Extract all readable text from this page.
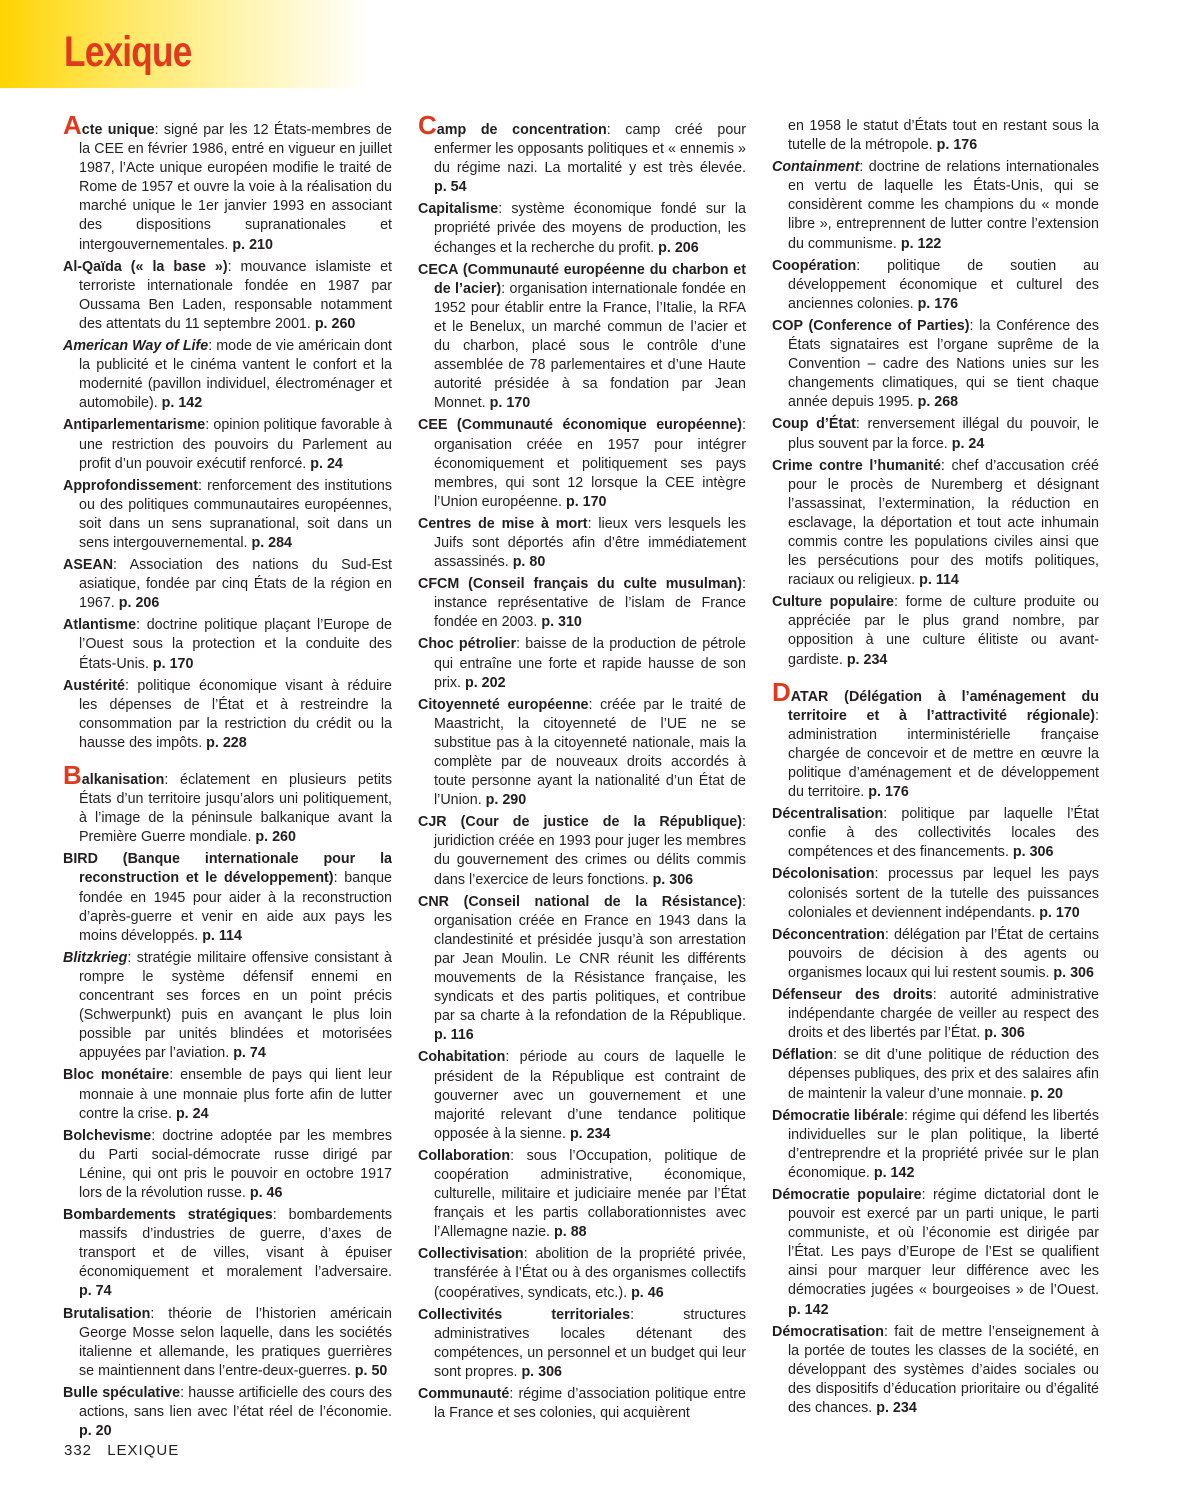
Lexique

Acte unique: signé par les 12 États-membres de la CEE en février 1986, entré en vigueur en juillet 1987, l’Acte unique européen modifie le traité de Rome de 1957 et ouvre la voie à la réalisation du marché unique le 1er janvier 1993 en associant des dispositions supranationales et intergouvernementales. p. 210

Al-Qaïda (« la base »): mouvance islamiste et terroriste internationale fondée en 1987 par Oussama Ben Laden, responsable notamment des attentats du 11 septembre 2001. p. 260

American Way of Life: mode de vie américain dont la publicité et le cinéma vantent le confort et la modernité (pavillon individuel, électroménager et automobile). p. 142

Antiparlementarisme: opinion politique favorable à une restriction des pouvoirs du Parlement au profit d’un pouvoir exécutif renforcé. p. 24

Approfondissement: renforcement des institutions ou des politiques communautaires européennes, soit dans un sens supranational, soit dans un sens intergouvernemental. p. 284

ASEAN: Association des nations du Sud-Est asiatique, fondée par cinq États de la région en 1967. p. 206

Atlantisme: doctrine politique plaçant l’Europe de l’Ouest sous la protection et la conduite des États-Unis. p. 170

Austérité: politique économique visant à réduire les dépenses de l’État et à restreindre la consommation par la restriction du crédit ou la hausse des impôts. p. 228

Balkanisation: éclatement en plusieurs petits États d’un territoire jusqu’alors uni politiquement, à l’image de la péninsule balkanique avant la Première Guerre mondiale. p. 260

BIRD (Banque internationale pour la reconstruction et le développement): banque fondée en 1945 pour aider à la reconstruction d’après-guerre et venir en aide aux pays les moins développés. p. 114

Blitzkrieg: stratégie militaire offensive consistant à rompre le système défensif ennemi en concentrant ses forces en un point précis (Schwerpunkt) puis en avançant le plus loin possible par unités blindées et motorisées appuyées par l’aviation. p. 74

Bloc monétaire: ensemble de pays qui lient leur monnaie à une monnaie plus forte afin de lutter contre la crise. p. 24

Bolchevisme: doctrine adoptée par les membres du Parti social-démocrate russe dirigé par Lénine, qui ont pris le pouvoir en octobre 1917 lors de la révolution russe. p. 46

Bombardements stratégiques: bombardements massifs d’industries de guerre, d’axes de transport et de villes, visant à épuiser économiquement et moralement l’adversaire. p. 74

Brutalisation: théorie de l’historien américain George Mosse selon laquelle, dans les sociétés italienne et allemande, les pratiques guerrières se maintiennent dans l’entre-deux-guerres. p. 50

Bulle spéculative: hausse artificielle des cours des actions, sans lien avec l’état réel de l’économie. p. 20

Camp de concentration: camp créé pour enfermer les opposants politiques et « ennemis » du régime nazi. La mortalité y est très élevée. p. 54

Capitalisme: système économique fondé sur la propriété privée des moyens de production, les échanges et la recherche du profit. p. 206

CECA (Communauté européenne du charbon et de l’acier): organisation internationale fondée en 1952 pour établir entre la France, l’Italie, la RFA et le Benelux, un marché commun de l’acier et du charbon, placé sous le contrôle d’une assemblée de 78 parlementaires et d’une Haute autorité présidée à sa fondation par Jean Monnet. p. 170

CEE (Communauté économique européenne): organisation créée en 1957 pour intégrer économiquement et politiquement ses pays membres, qui sont 12 lorsque la CEE intègre l’Union européenne. p. 170

Centres de mise à mort: lieux vers lesquels les Juifs sont déportés afin d’être immédiatement assassinés. p. 80

CFCM (Conseil français du culte musulman): instance représentative de l’islam de France fondée en 2003. p. 310

Choc pétrolier: baisse de la production de pétrole qui entraîne une forte et rapide hausse de son prix. p. 202

Citoyenneté européenne: créée par le traité de Maastricht, la citoyenneté de l’UE ne se substitue pas à la citoyenneté nationale, mais la complète par de nouveaux droits accordés à toute personne ayant la nationalité d’un État de l’Union. p. 290

CJR (Cour de justice de la République): juridiction créée en 1993 pour juger les membres du gouvernement des crimes ou délits commis dans l’exercice de leurs fonctions. p. 306

CNR (Conseil national de la Résistance): organisation créée en France en 1943 dans la clandestinité et présidée jusqu’à son arrestation par Jean Moulin. Le CNR réunit les différents mouvements de la Résistance française, les syndicats et des partis politiques, et contribue par sa charte à la refondation de la République. p. 116

Cohabitation: période au cours de laquelle le président de la République est contraint de gouverner avec un gouvernement et une majorité relevant d’une tendance politique opposée à la sienne. p. 234

Collaboration: sous l’Occupation, politique de coopération administrative, économique, culturelle, militaire et judiciaire menée par l’État français et les partis collaborationnistes avec l’Allemagne nazie. p. 88

Collectivisation: abolition de la propriété privée, transférée à l’État ou à des organismes collectifs (coopératives, syndicats, etc.). p. 46

Collectivités territoriales: structures administratives locales détenant des compétences, un personnel et un budget qui leur sont propres. p. 306

Communauté: régime d’association politique entre la France et ses colonies, qui acquièrent

en 1958 le statut d’États tout en restant sous la tutelle de la métropole. p. 176

Containment: doctrine de relations internationales en vertu de laquelle les États-Unis, qui se considèrent comme les champions du « monde libre », entreprennent de lutter contre l’extension du communisme. p. 122

Coopération: politique de soutien au développement économique et culturel des anciennes colonies. p. 176

COP (Conference of Parties): la Conférence des États signataires est l’organe suprême de la Convention – cadre des Nations unies sur les changements climatiques, qui se tient chaque année depuis 1995. p. 268

Coup d’État: renversement illégal du pouvoir, le plus souvent par la force. p. 24

Crime contre l’humanité: chef d’accusation créé pour le procès de Nuremberg et désignant l’assassinat, l’extermination, la réduction en esclavage, la déportation et tout acte inhumain commis contre les populations civiles ainsi que les persécutions pour des motifs politiques, raciaux ou religieux. p. 114

Culture populaire: forme de culture produite ou appréciée par le plus grand nombre, par opposition à une culture élitiste ou avant-gardiste. p. 234

DATAR (Délégation à l’aménagement du territoire et à l’attractivité régionale): administration interministérielle française chargée de concevoir et de mettre en œuvre la politique d’aménagement et de développement du territoire. p. 176

Décentralisation: politique par laquelle l’État confie à des collectivités locales des compétences et des financements. p. 306

Décolonisation: processus par lequel les pays colonisés sortent de la tutelle des puissances coloniales et deviennent indépendants. p. 170

Déconcentration: délégation par l’État de certains pouvoirs de décision à des agents ou organismes locaux qui lui restent soumis. p. 306

Défenseur des droits: autorité administrative indépendante chargée de veiller au respect des droits et des libertés par l’État. p. 306

Déflation: se dit d’une politique de réduction des dépenses publiques, des prix et des salaires afin de maintenir la valeur d’une monnaie. p. 20

Démocratie libérale: régime qui défend les libertés individuelles sur le plan politique, la liberté d’entreprendre et la propriété privée sur le plan économique. p. 142

Démocratie populaire: régime dictatorial dont le pouvoir est exercé par un parti unique, le parti communiste, et où l’économie est dirigée par l’État. Les pays d’Europe de l’Est se qualifient ainsi pour marquer leur différence avec les démocraties jugées « bourgeoises » de l’Ouest. p. 142

Démocratisation: fait de mettre l’enseignement à la portée de toutes les classes de la société, en développant des systèmes d’aides sociales ou des dispositifs d’éducation prioritaire ou d’égalité des chances. p. 234

332 LEXIQUE
